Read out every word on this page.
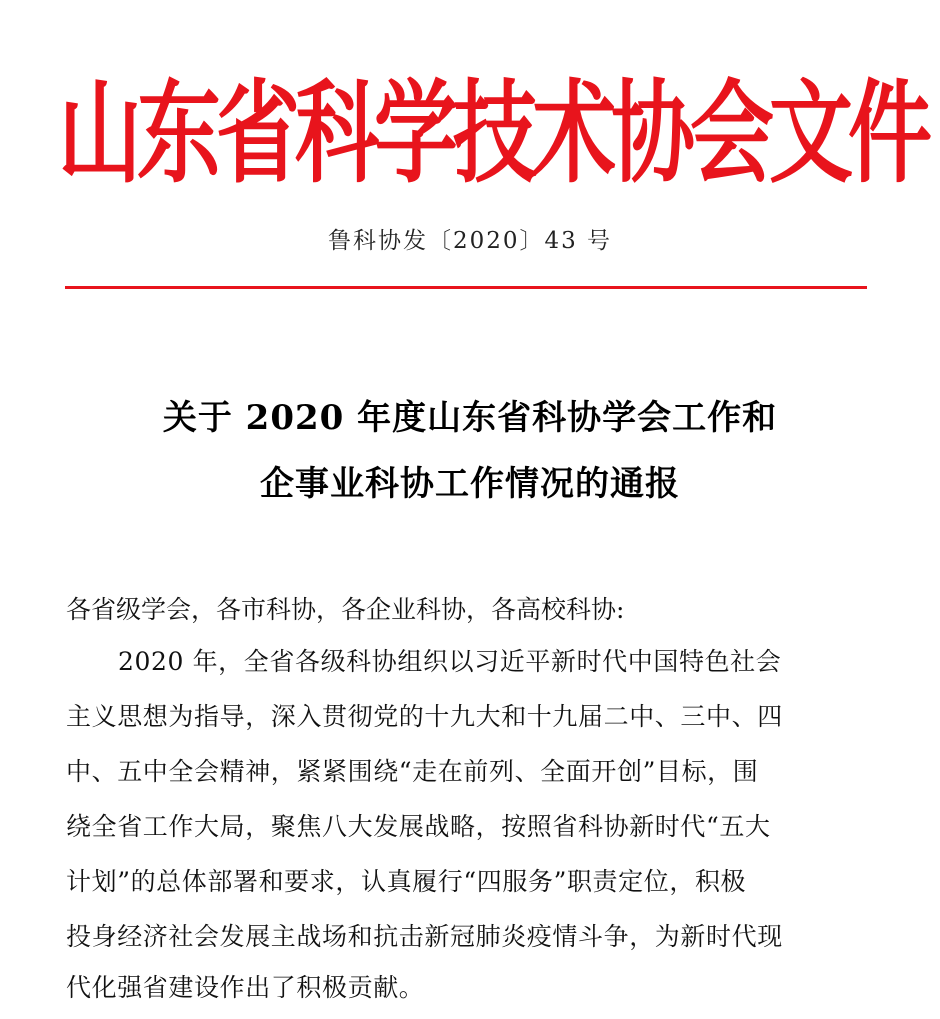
山东省科学技术协会文件
鲁科协发〔2020〕43 号
关于 2020 年度山东省科协学会工作和
企事业科协工作情况的通报
各省级学会，各市科协，各企业科协，各高校科协:
2020 年，全省各级科协组织以习近平新时代中国特色社会
主义思想为指导，深入贯彻党的十九大和十九届二中、三中、四
中、五中全会精神，紧紧围绕“走在前列、全面开创”目标，围
绕全省工作大局，聚焦八大发展战略，按照省科协新时代“五大
计划”的总体部署和要求，认真履行“四服务”职责定位，积极
投身经济社会发展主战场和抗击新冠肺炎疫情斗争，为新时代现
代化强省建设作出了积极贡献。
